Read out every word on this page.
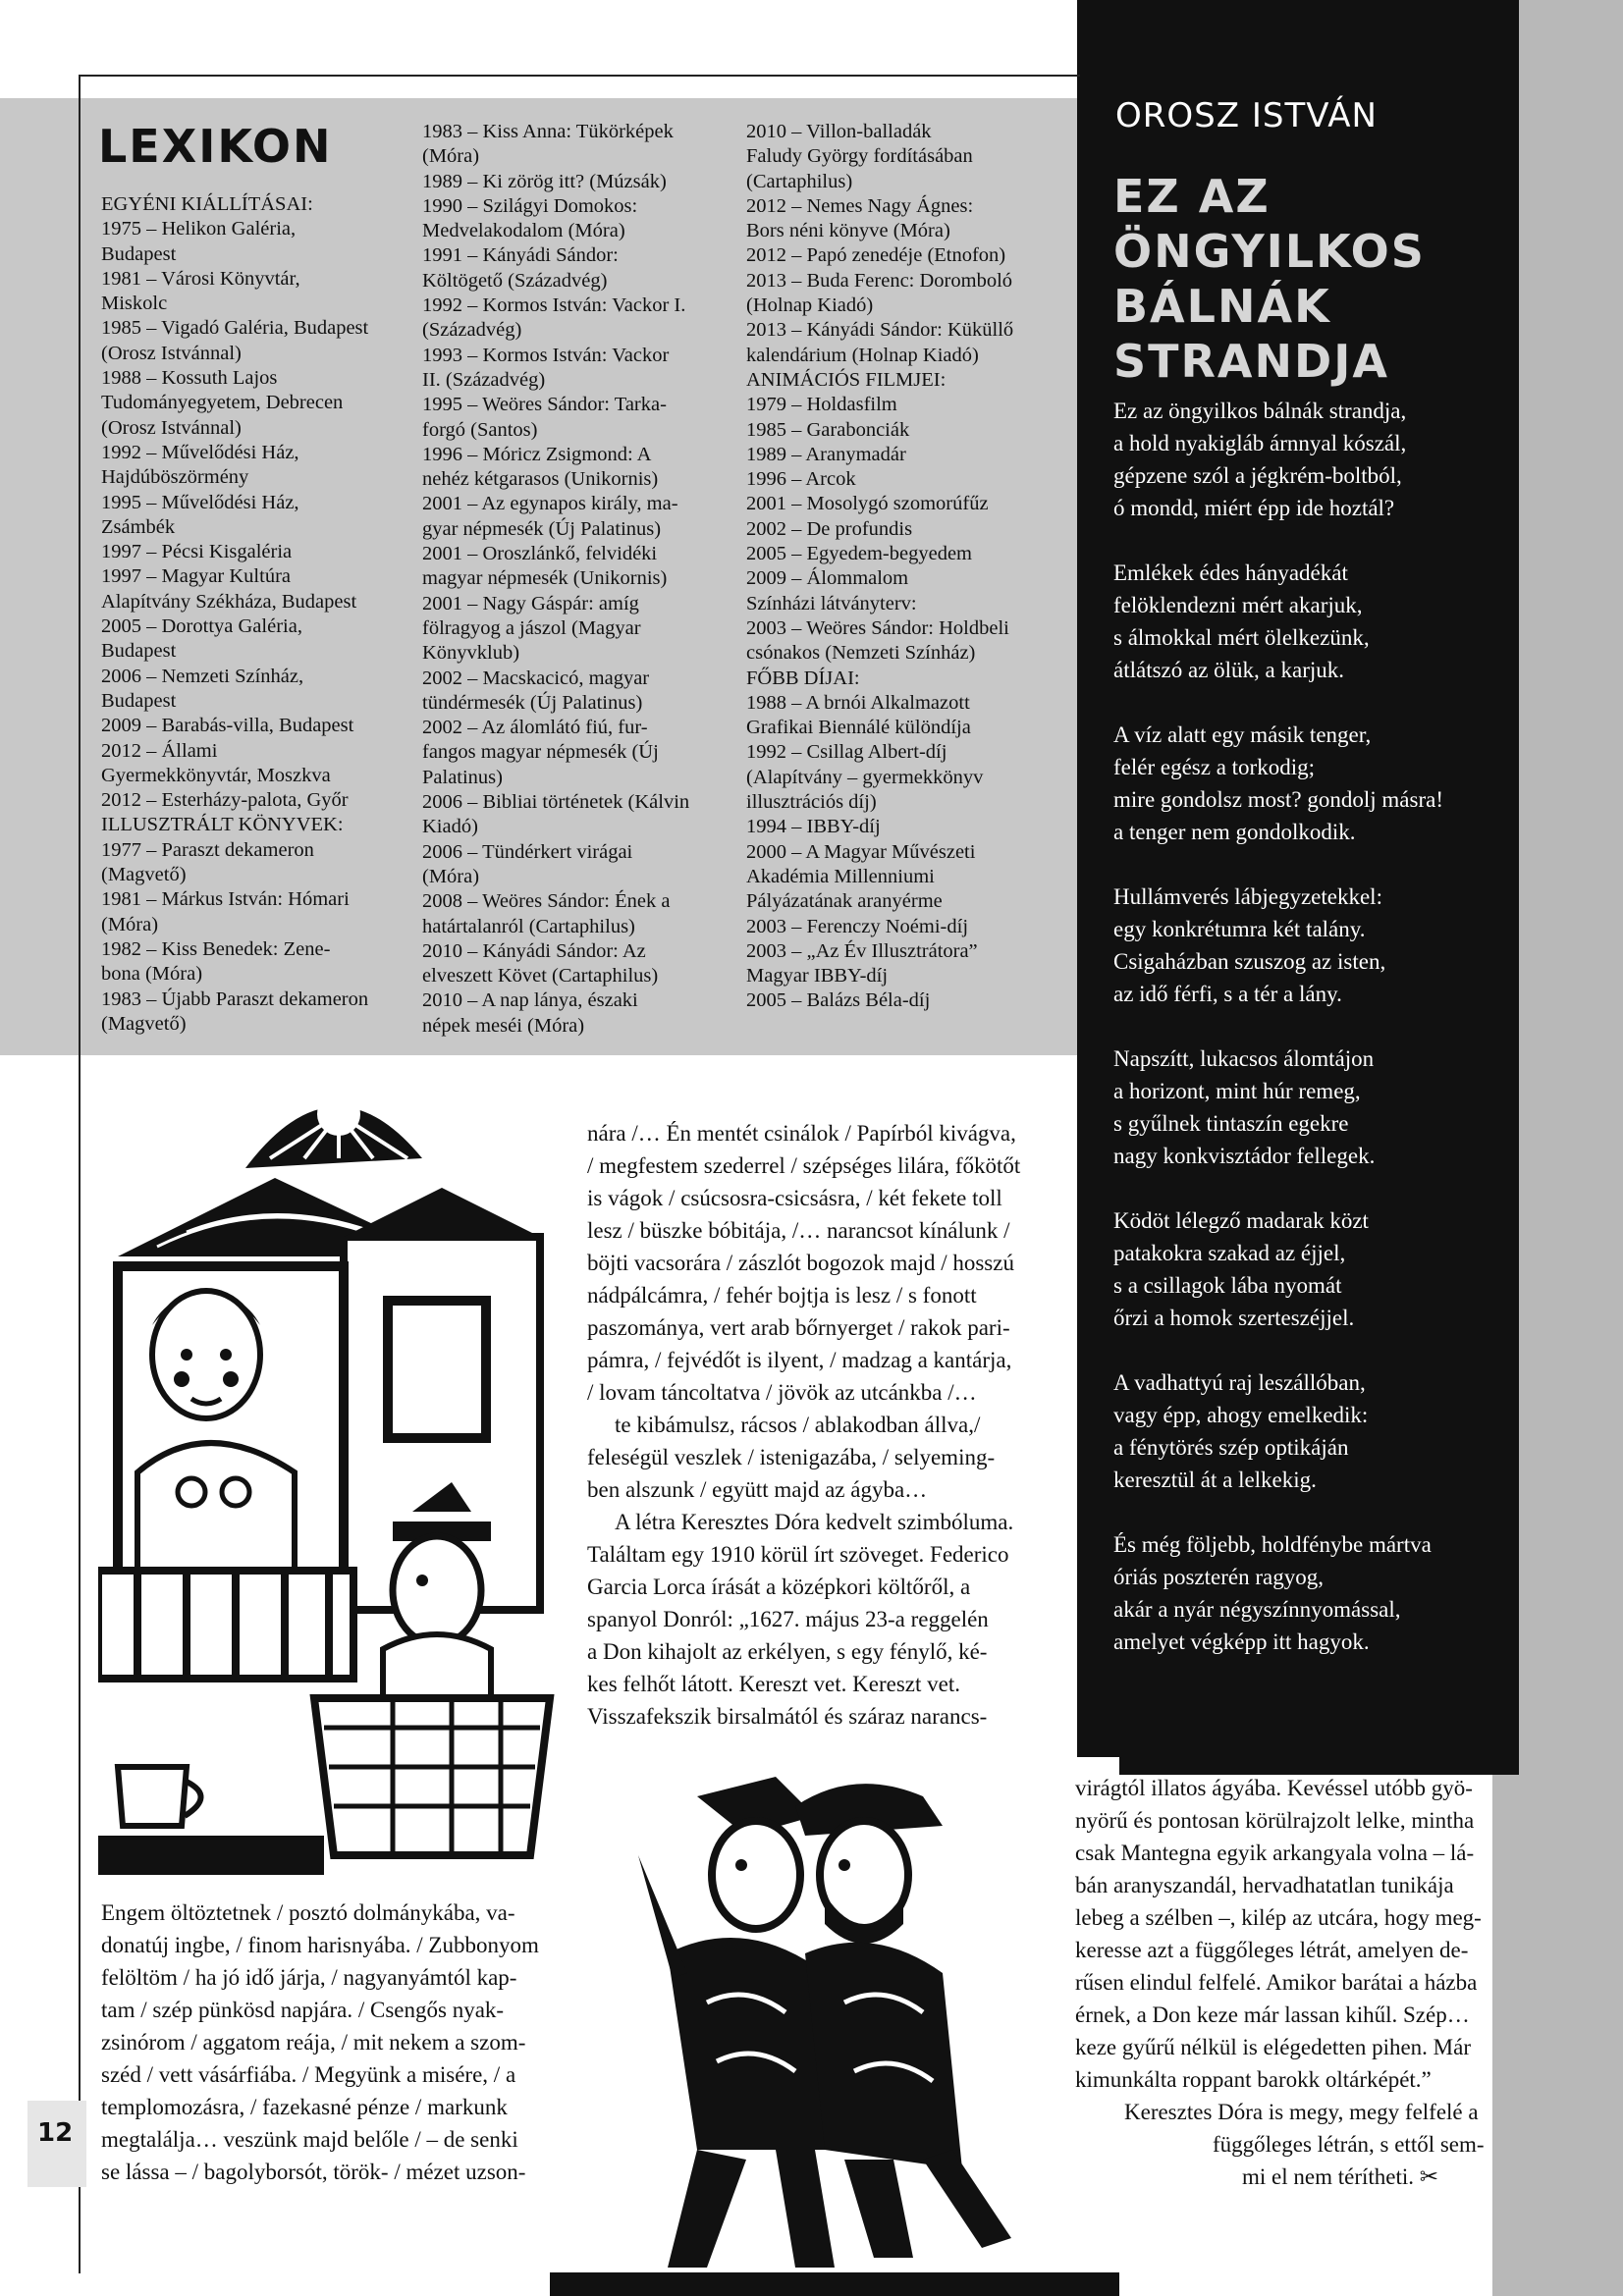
LEXIKON
EGYÉNI KIÁLLÍTÁSAI:
1975 – Helikon Galéria,
Budapest
1981 – Városi Könyvtár,
Miskolc
1985 – Vigadó Galéria, Budapest
(Orosz Istvánnal)
1988 – Kossuth Lajos
Tudományegyetem, Debrecen
(Orosz Istvánnal)
1992 – Művelődési Ház,
Hajdúböszörmény
1995 – Művelődési Ház,
Zsámbék
1997 – Pécsi Kisgaléria
1997 – Magyar Kultúra
Alapítvány Székháza, Budapest
2005 – Dorottya Galéria,
Budapest
2006 – Nemzeti Színház,
Budapest
2009 – Barabás-villa, Budapest
2012 – Állami
Gyermekkönyvtár, Moszkva
2012 – Esterházy-palota, Győr
ILLUSZTRÁLT KÖNYVEK:
1977 – Paraszt dekameron
(Magvető)
1981 – Márkus István: Hómari
(Móra)
1982 – Kiss Benedek: Zene-
bona (Móra)
1983 – Újabb Paraszt dekameron
(Magvető)
1983 – Kiss Anna: Tükörképek
(Móra)
1989 – Ki zörög itt? (Múzsák)
1990 – Szilágyi Domokos:
Medvelakodalom (Móra)
1991 – Kányádi Sándor:
Költögető (Századvég)
1992 – Kormos István: Vackor I.
(Századvég)
1993 – Kormos István: Vackor
II. (Századvég)
1995 – Weöres Sándor: Tarka-
forgó (Santos)
1996 – Móricz Zsigmond: A
nehéz kétgarasos (Unikornis)
2001 – Az egynapos király, ma-
gyar népmesék (Új Palatinus)
2001 – Oroszlánkő, felvidéki
magyar népmesék (Unikornis)
2001 – Nagy Gáspár: amíg
fölragyog a jászol (Magyar
Könyvklub)
2002 – Macskacicó, magyar
tündérmesék (Új Palatinus)
2002 – Az álomlátó fiú, fur-
fangos magyar népmesék (Új
Palatinus)
2006 – Bibliai történetek (Kálvin
Kiadó)
2006 – Tündérkert virágai
(Móra)
2008 – Weöres Sándor: Ének a
határtalanról (Cartaphilus)
2010 – Kányádi Sándor: Az
elveszett Követ (Cartaphilus)
2010 – A nap lánya, északi
népek meséi (Móra)
2010 – Villon-balladák
Faludy György fordításában
(Cartaphilus)
2012 – Nemes Nagy Ágnes:
Bors néni könyve (Móra)
2012 – Papó zenedéje (Etnofon)
2013 – Buda Ferenc: Doromboló
(Holnap Kiadó)
2013 – Kányádi Sándor: Küküllő
kalendárium (Holnap Kiadó)
ANIMÁCIÓS FILMJEI:
1979 – Holdasfilm
1985 – Garabonciák
1989 – Aranymadár
1996 – Arcok
2001 – Mosolygó szomorúfűz
2002 – De profundis
2005 – Egyedem-begyedem
2009 – Álommalom
Színházi látványterv:
2003 – Weöres Sándor: Holdbeli
csónakos (Nemzeti Színház)
FŐBB DÍJAI:
1988 – A brnói Alkalmazott
Grafikai Biennálé különdíja
1992 – Csillag Albert-díj
(Alapítvány – gyermekkönyv
illusztrációs díj)
1994 – IBBY-díj
2000 – A Magyar Művészeti
Akadémia Millenniumi
Pályázatának aranyérme
2003 – Ferenczy Noémi-díj
2003 – „Az Év Illusztrátora”
Magyar IBBY-díj
2005 – Balázs Béla-díj
OROSZ ISTVÁN
EZ AZ
ÖNGYILKOS
BÁLNÁK
STRANDJA
Ez az öngyilkos bálnák strandja,
a hold nyakigláb árnnyal kószál,
gépzene szól a jégkrém-boltból,
ó mondd, miért épp ide hoztál?
Emlékek édes hányadékát
felöklendezni mért akarjuk,
s álmokkal mért ölelkezünk,
átlátszó az ölük, a karjuk.
A víz alatt egy másik tenger,
felér egész a torkodig;
mire gondolsz most? gondolj másra!
a tenger nem gondolkodik.
Hullámverés lábjegyzetekkel:
egy konkrétumra két talány.
Csigaházban szuszog az isten,
az idő férfi, s a tér a lány.
Napszítt, lukacsos álomtájon
a horizont, mint húr remeg,
s gyűlnek tintaszín egekre
nagy konkvisztádor fellegek.
Ködöt lélegző madarak közt
patakokra szakad az éjjel,
s a csillagok lába nyomát
őrzi a homok szerteszéjjel.
A vadhattyú raj leszállóban,
vagy épp, ahogy emelkedik:
a fénytörés szép optikáján
keresztül át a lelkekig.
És még följebb, holdfénybe mártva
óriás poszterén ragyog,
akár a nyár négyszínnyomással,
amelyet végképp itt hagyok.
nára /… Én mentét csinálok / Papírból kivágva,
/ megfestem szederrel / szépséges lilára, főkötőt
is vágok / csúcsosra-csicsásra, / két fekete toll
lesz / büszke bóbitája, /… narancsot kínálunk /
böjti vacsorára / zászlót bogozok majd / hosszú
nádpálcámra, / fehér bojtja is lesz / s fonott
paszományа, vert arab bőrnyerget / rakok pari-
pámra, / fejvédőt is ilyent, / madzag a kantárja,
/ lovam táncoltatva / jövök az utcánkba /…
te kibámulsz, rácsos / ablakodban állva,/
feleségül veszlek / istenigazába, / selyeming-
ben alszunk / együtt majd az ágyba…
A létra Keresztes Dóra kedvelt szimbóluma.
Találtam egy 1910 körül írt szöveget. Federico
Garcia Lorca írását a középkori költőről, a
spanyol Donról: „1627. május 23-a reggelén
a Don kihajolt az erkélyen, s egy fénylő, ké-
kes felhőt látott. Kereszt vet. Kereszt vet.
Visszafekszik birsalmától és száraz narancs-
Engem öltöztetnek / posztó dolmánykába, va-
donatúj ingbe, / finom harisnyába. / Zubbonyom
felöltöm / ha jó idő járja, / nagyanyámtól kap-
tam / szép pünkösd napjára. / Csengős nyak-
zsinórom / aggatom reája, / mit nekem a szom-
széd / vett vásárfiába. / Megyünk a misére, / a
templomozásra, / fazekasné pénze / markunk
megtalálja… veszünk majd belőle / – de senki
se lássa – / bagolyborsót, török- / mézet uzson-
virágtól illatos ágyába. Kevéssel utóbb gyö-
nyörű és pontosan körülrajzolt lelke, mintha
csak Mantegna egyik arkangyala volna – lá-
bán aranyszandál, hervadhatatlan tunikája
lebeg a szélben –, kilép az utcára, hogy meg-
keresse azt a függőleges létrát, amelyen de-
rűsen elindul felfelé. Amikor barátai a házba
érnek, a Don keze már lassan kihűl. Szép…
keze gyűrű nélkül is elégedetten pihen. Már
kimunkálta roppant barokk oltárképét.”
Keresztes Dóra is megy, megy felfelé a
függőleges létrán, s ettől sem-
mi el nem térítheti. ✂
12
